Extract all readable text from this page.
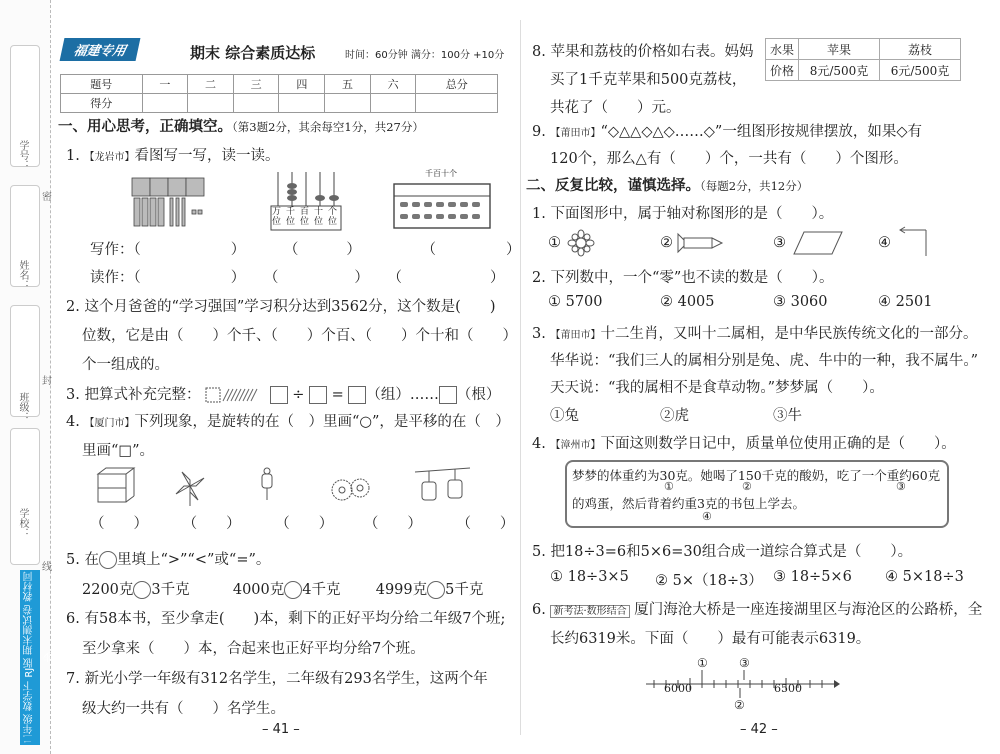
学号：
姓名：
班级：
学校：
密
封
线
二年级 数学下 RJ版 期末测试卷 教材同步
福建专用	期末 综合素质达标	时间：60分钟 满分：100分 +10分
题号	一	二	三	四	五	六	总分
得分							
一、用心思考，正确填空。（第3题2分，其余每空1分，共27分）
1. 【龙岩市】看图写一写，读一读。
万位
千位
百位
十位
个位
千百十个
写作：（	）	（	）	（	）
读作：（	） （	） （	）
2. 这个月爸爸的“学习强国”学习积分达到3562分，这个数是(　　)
位数，它是由（　　）个千、（　　）个百、（　　）个十和（　　）
个一组成的。
3. 把算式补充完整：	÷ = （组）…… （根）
4. 【厦门市】下列现象，是旋转的在（　）里画“○”，是平移的在（　）
里画“□”。
（　　） （　　） （　　） （　　） （　　）
5. 在 里填上“>”“<”或“=”。
2200克 3千克	4000克 4千克 4999克 5千克
6. 有58本书，至少拿走(　　)本，剩下的正好平均分给二年级7个班;
至少拿来（　　）本，合起来也正好平均分给7个班。
7. 新光小学一年级有312名学生，二年级有293名学生，这两个年
级大约一共有（　　）名学生。
– 41 –
8. 苹果和荔枝的价格如右表。妈妈
买了1千克苹果和500克荔枝，
共花了（　　）元。
水果	苹果	荔枝
价格	8元/500克	6元/500克
9. 【莆田市】“◇△△◇△◇……◇”一组图形按规律摆放，如果◇有
120个，那么△有（　　）个，一共有（　　）个图形。
二、反复比较，谨慎选择。（每题2分，共12分）
1. 下面图形中，属于轴对称图形的是（　　）。
①	②	③	④
2. 下列数中，一个“零”也不读的数是（　　）。
① 5700	② 4005	③ 3060	④ 2501
3. 【莆田市】十二生肖，又叫十二属相，是中华民族传统文化的一部分。
华华说：“我们三人的属相分别是兔、虎、牛中的一种，我不属牛。”
天天说：“我的属相不是食草动物。”梦梦属（　　）。
①兔	②虎	③牛
4. 【漳州市】下面这则数学日记中，质量单位使用正确的是（　　）。
梦梦的体重约为30克。她喝了150千克的酸奶，吃了一个重约60克
的鸡蛋，然后背着约重3克的书包上学去。
①	②	③
④
5. 把18÷3=6和5×6=30组合成一道综合算式是（　　）。
① 18÷3×5 ② 5×（18÷3） ③ 18÷5×6 ④ 5×18÷3
6. 新考法·数形结合 厦门海沧大桥是一座连接湖里区与海沧区的公路桥，全
长约6319米。下面（　　）最有可能表示6319。
6000	6500
①
②
③
– 42 –
